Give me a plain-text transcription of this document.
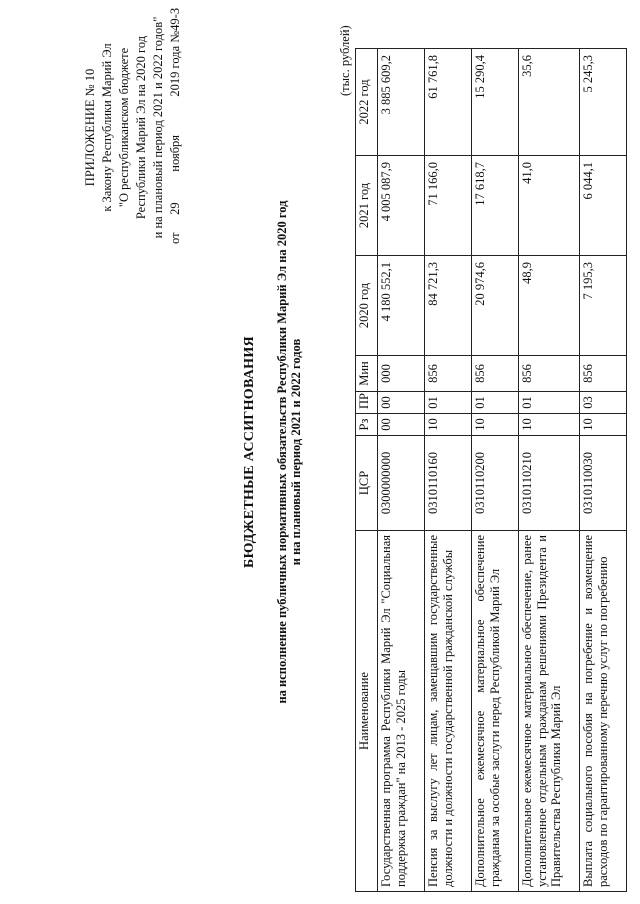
ПРИЛОЖЕНИЕ № 10 к Закону Республики Марий Эл "О республиканском бюджете Республики Марий Эл на 2020 год и на плановый период 2021 и 2022 годов" от 29 ноября 2019 года №49-З
БЮДЖЕТНЫЕ АССИГНОВАНИЯ на исполнение публичных нормативных обязательств Республики Марий Эл на 2020 год и на плановый период 2021 и 2022 годов
(тыс. рублей)
Наименование	ЦСР	Рз	ПР	Мин	2020 год	2021 год	2022 год
Государственная программа Республики Марий Эл "Социальная поддержка граждан" на 2013 - 2025 годы	0300000000	00	00	000	4 180 552,1	4 005 087,9	3 885 609,2
Пенсия за выслугу лет лицам, замещавшим государственные должности и должности государственной гражданской службы	0310110160	10	01	856	84 721,3	71 166,0	61 761,8
Дополнительное ежемесячное материальное обеспечение гражданам за особые заслуги перед Республикой Марий Эл	0310110200	10	01	856	20 974,6	17 618,7	15 290,4
Дополнительное ежемесячное материальное обеспечение, ранее установленное отдельным гражданам решениями Президента и Правительства Республики Марий Эл	0310110210	10	01	856	48,9	41,0	35,6
Выплата социального пособия на погребение и возмещение расходов по гарантированному перечню услуг по погребению	0310110030	10	03	856	7 195,3	6 044,1	5 245,3
